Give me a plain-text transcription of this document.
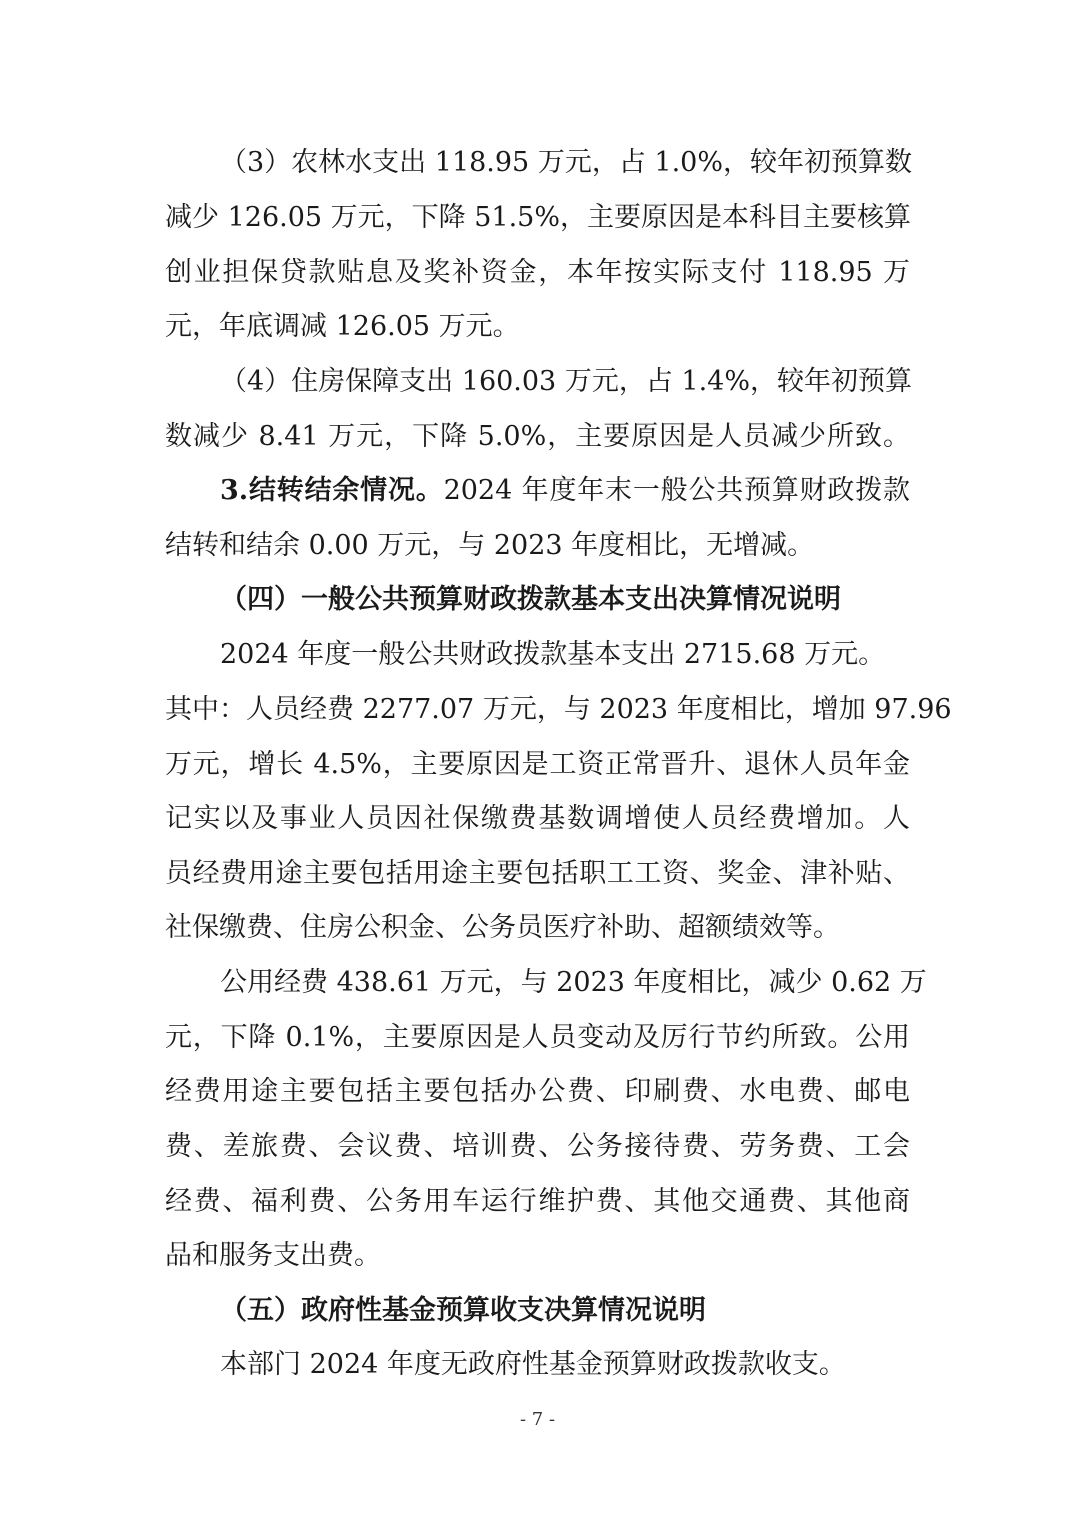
（3）农林水支出 118.95 万元，占 1.0%，较年初预算数
减少 126.05 万元，下降 51.5%，主要原因是本科目主要核算
创业担保贷款贴息及奖补资金，本年按实际支付 118.95 万
元，年底调减 126.05 万元。
（4）住房保障支出 160.03 万元，占 1.4%，较年初预算
数减少 8.41 万元，下降 5.0%，主要原因是人员减少所致。
3.结转结余情况。2024 年度年末一般公共预算财政拨款
结转和结余 0.00 万元，与 2023 年度相比，无增减。
（四）一般公共预算财政拨款基本支出决算情况说明
2024 年度一般公共财政拨款基本支出 2715.68 万元。
其中：人员经费 2277.07 万元，与 2023 年度相比，增加 97.96
万元，增长 4.5%，主要原因是工资正常晋升、退休人员年金
记实以及事业人员因社保缴费基数调增使人员经费增加。人
员经费用途主要包括用途主要包括职工工资、奖金、津补贴、
社保缴费、住房公积金、公务员医疗补助、超额绩效等。
公用经费 438.61 万元，与 2023 年度相比，减少 0.62 万
元，下降 0.1%，主要原因是人员变动及厉行节约所致。公用
经费用途主要包括主要包括办公费、印刷费、水电费、邮电
费、差旅费、会议费、培训费、公务接待费、劳务费、工会
经费、福利费、公务用车运行维护费、其他交通费、其他商
品和服务支出费。
（五）政府性基金预算收支决算情况说明
本部门 2024 年度无政府性基金预算财政拨款收支。
- 7 -
